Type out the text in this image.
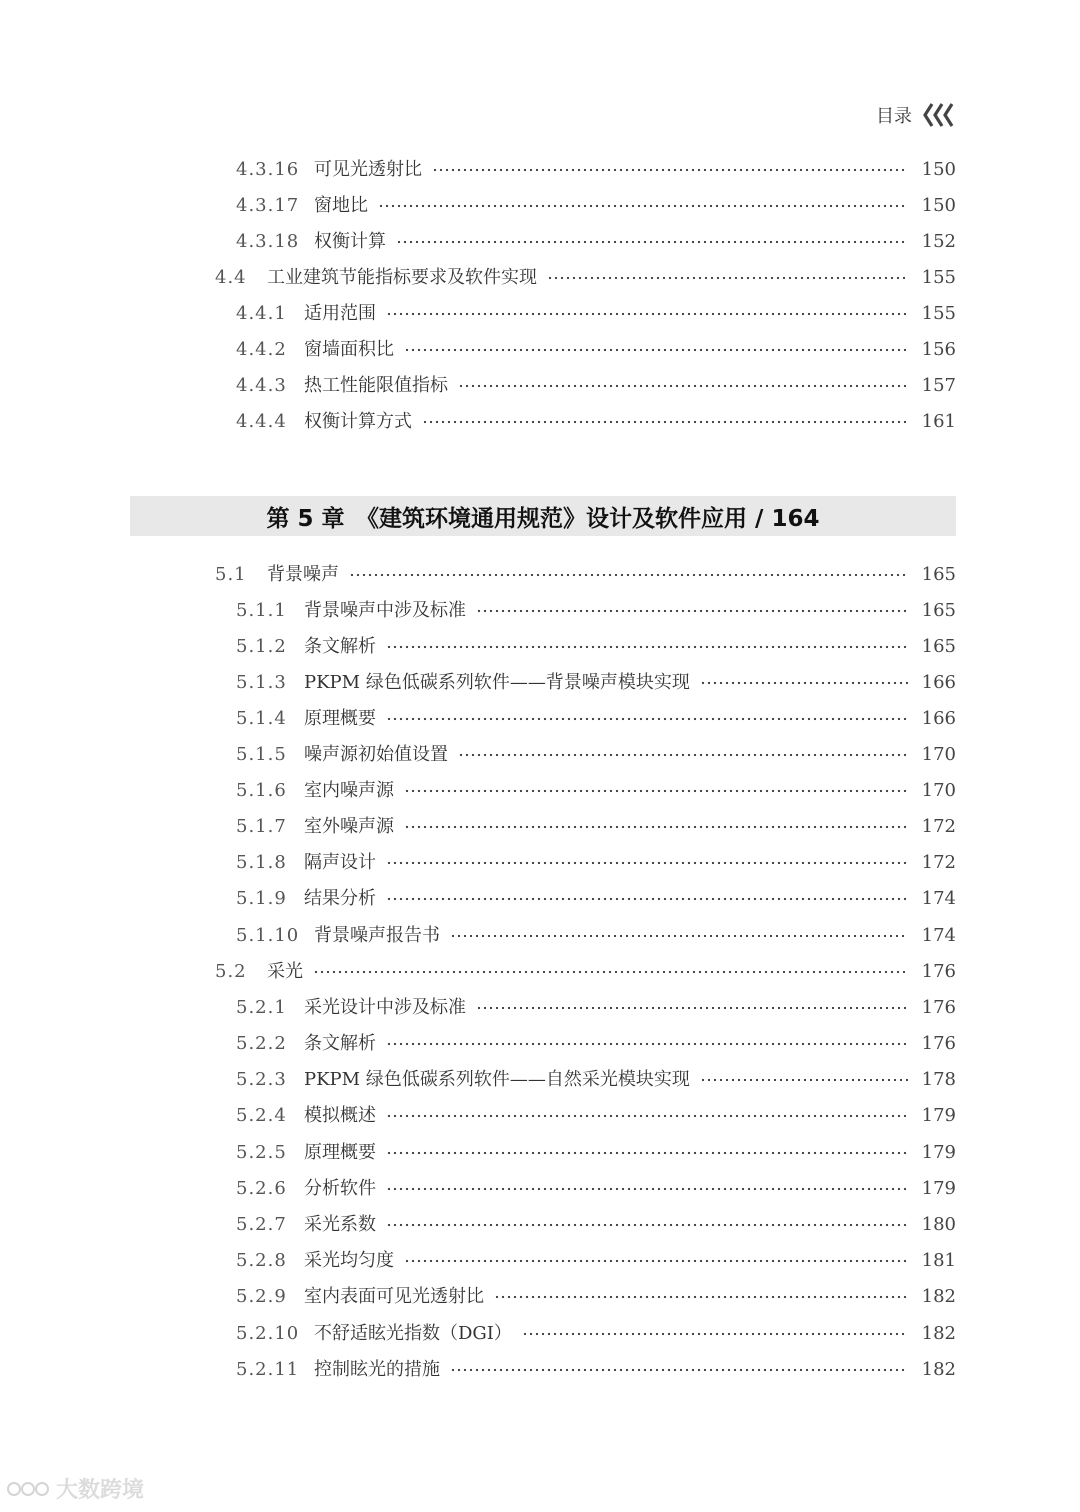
目录
4.3.16 可见光透射比	150
4.3.17 窗地比	150
4.3.18 权衡计算	152
4.4	工业建筑节能指标要求及软件实现	155
4.4.1 适用范围	155
4.4.2 窗墙面积比	156
4.4.3 热工性能限值指标	157
4.4.4 权衡计算方式	161
第 5 章　《建筑环境通用规范》设计及软件应用 / 164
5.1	背景噪声	165
5.1.1 背景噪声中涉及标准	165
5.1.2 条文解析	165
5.1.3 PKPM 绿色低碳系列软件——背景噪声模块实现	166
5.1.4 原理概要	166
5.1.5 噪声源初始值设置	170
5.1.6 室内噪声源	170
5.1.7 室外噪声源	172
5.1.8 隔声设计	172
5.1.9 结果分析	174
5.1.10 背景噪声报告书	174
5.2	采光	176
5.2.1 采光设计中涉及标准	176
5.2.2 条文解析	176
5.2.3 PKPM 绿色低碳系列软件——自然采光模块实现	178
5.2.4 模拟概述	179
5.2.5 原理概要	179
5.2.6 分析软件	179
5.2.7 采光系数	180
5.2.8 采光均匀度	181
5.2.9 室内表面可见光透射比	182
5.2.10 不舒适眩光指数（DGI）	182
5.2.11 控制眩光的措施	182
大数跨境
